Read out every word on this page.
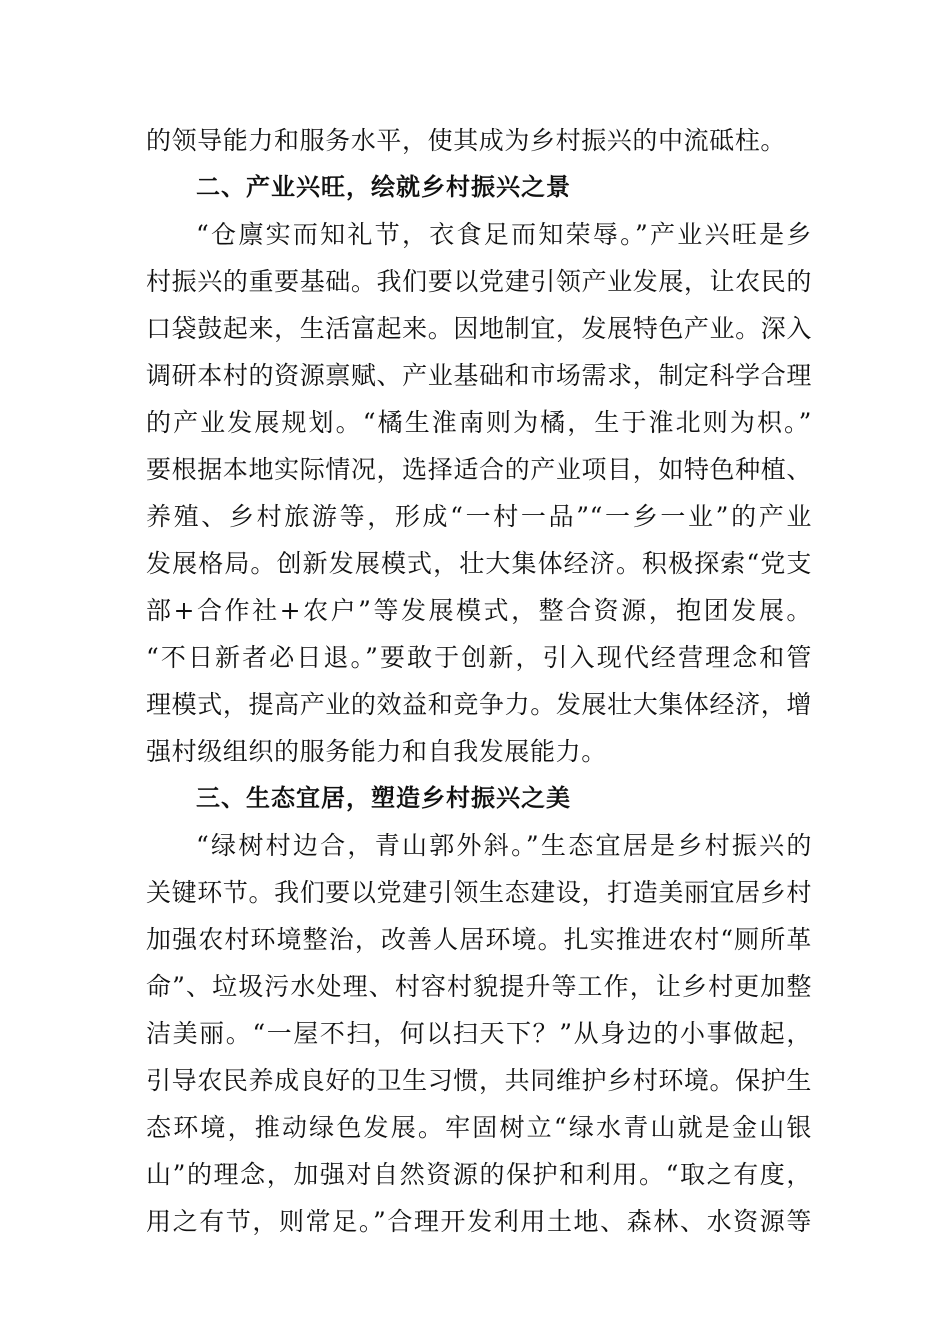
的领导能力和服务水平，使其成为乡村振兴的中流砥柱。
二、产业兴旺，绘就乡村振兴之景
“仓廪实而知礼节，衣食足而知荣辱。”产业兴旺是乡
村振兴的重要基础。我们要以党建引领产业发展，让农民的
口袋鼓起来，生活富起来。因地制宜，发展特色产业。深入
调研本村的资源禀赋、产业基础和市场需求，制定科学合理
的产业发展规划。“橘生淮南则为橘，生于淮北则为枳。”
要根据本地实际情况，选择适合的产业项目，如特色种植、
养殖、乡村旅游等，形成“一村一品”“一乡一业”的产业
发展格局。创新发展模式，壮大集体经济。积极探索“党支
部+合作社+农户”等发展模式，整合资源，抱团发展。
“不日新者必日退。”要敢于创新，引入现代经营理念和管
理模式，提高产业的效益和竞争力。发展壮大集体经济，增
强村级组织的服务能力和自我发展能力。
三、生态宜居，塑造乡村振兴之美
“绿树村边合，青山郭外斜。”生态宜居是乡村振兴的
关键环节。我们要以党建引领生态建设，打造美丽宜居乡村
加强农村环境整治，改善人居环境。扎实推进农村“厕所革
命”、垃圾污水处理、村容村貌提升等工作，让乡村更加整
洁美丽。“一屋不扫，何以扫天下？”从身边的小事做起，
引导农民养成良好的卫生习惯，共同维护乡村环境。保护生
态环境，推动绿色发展。牢固树立“绿水青山就是金山银
山”的理念，加强对自然资源的保护和利用。“取之有度，
用之有节，则常足。”合理开发利用土地、森林、水资源等
